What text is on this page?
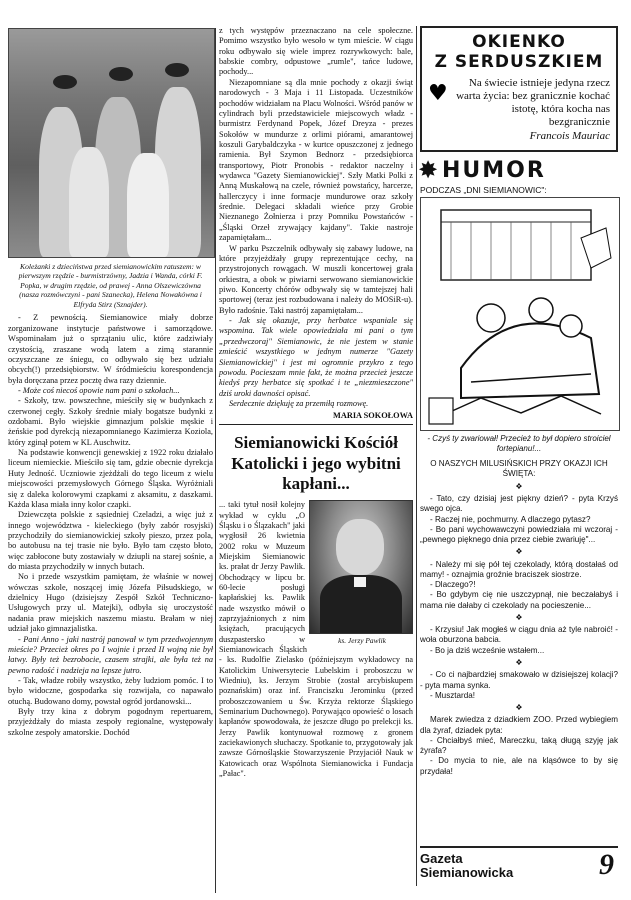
Koleżanki z dzieciństwa przed siemianowickim ratuszem: w pierwszym rzędzie - burmistrzówny, Jadzia i Wanda, córki F. Popka, w drugim rzędzie, od prawej - Anna Olszewiczówna (nasza rozmówczyni - pani Szanecka), Helena Nowakówna i Elfryda Stirz (Sznajder).

- Z pewnością. Siemianowice miały dobrze zorganizowane instytucje państwowe i samorządowe. Wspominałam już o sprzątaniu ulic, które zadziwiały czystością, zraszane wodą latem a zimą starannie oczyszczane ze śniegu, co odbywało się bez udziału obcych(!) przedsiębiorstw. W śródmieściu korespondencja była doręczana przez pocztę dwa razy dziennie.

- Może coś niecoś opowie nam pani o szkołach...

- Szkoły, tzw. powszechne, mieściły się w budynkach z czerwonej cegły. Szkoły średnie miały bogatsze budynki z ozdobami. Było wiejskie gimnazjum polskie męskie i żeńskie pod dyrekcją niezapomnianego Kazimierza Koziola, który zginął potem w KL Auschwitz.

Na podstawie konwencji genewskiej z 1922 roku działało liceum niemieckie. Mieściło się tam, gdzie obecnie dyrekcja Huty Jedność. Uczniowie zjeżdżali do tego liceum z wielu miejscowości przemysłowych Górnego Śląska. Wyróżniali się z daleka kolorowymi czapkami z aksamitu, z daszkami. Każda klasa miała inny kolor czapki.

Dziewczęta polskie z sąsiedniej Czeladzi, a więc już z innego województwa - kieleckiego (były zabór rosyjski) przychodziły do siemianowickiej szkoły pieszo, przez pola, bo autobusu na tej trasie nie było. Było tam często błoto, więc zabłocone buty zostawiały w dziupli na starej sośnie, a do miasta przychodziły w innych butach.

No i przede wszystkim pamiętam, że właśnie w nowej wówczas szkole, noszącej imię Józefa Piłsudskiego, w dzielnicy Hugo (dzisiejszy Zespół Szkół Techniczno-Usługowych przy ul. Matejki), odbyła się uroczystość nadania praw miejskich naszemu miastu. Brałam w niej udział jako gimnazjalistka.

- Pani Anno - jaki nastrój panował w tym przedwojennym mieście? Przecież okres po I wojnie i przed II wojną nie był łatwy. Były też bezrobocie, czasem strajki, ale była też na pewno radość i nadzieja na lepsze jutro.

- Tak, władze robiły wszystko, żeby ludziom pomóc. I to było widoczne, gospodarka się rozwijała, co napawało otuchą. Budowano domy, powstał ogród jordanowski...

Były trzy kina z dobrym pogodnym repertuarem, przyjeżdżały do miasta zespoły regionalne, występowały szkolne zespoły amatorskie. Dochód

z tych występów przeznaczano na cele społeczne. Pomimo wszystko było wesoło w tym mieście. W ciągu roku odbywało się wiele imprez rozrywkowych: bale, babskie combry, odpustowe „rumle", tańce ludowe, pochody...

Niezapomniane są dla mnie pochody z okazji świąt narodowych - 3 Maja i 11 Listopada. Uczestników pochodów widziałam na Placu Wolności. Wśród panów w cylindrach byli przedstawiciele miejscowych władz - burmistrz Ferdynand Popek, Józef Dreyza - prezes Sokołów w mundurze z orlimi piórami, amarantowej koszuli Garybaldczyka - w kurtce opuszczonej z jednego ramienia. Był Szymon Bednorz - przedsiębiorca transportowy, Piotr Pronobis - redaktor naczelny i wydawca "Gazety Siemianowickiej". Szły Matki Polki z Anną Muskałową na czele, również powstańcy, harcerze, hallerczycy i inne formacje mundurowe oraz szkoły średnie. Delegaci składali wieńce przy Grobie Nieznanego Żołnierza i przy Pomniku Powstańców - „Śląski Orzeł zrywający kajdany". Takie nastroje zapamiętałam...

W parku Pszczelnik odbywały się zabawy ludowe, na które przyjeżdżały grupy reprezentujące cechy, na przystrojonych rowągach. W muszli koncertowej grała orkiestra, a obok w piwiarni serwowano siemianowickie piwo. Koncerty chórów odbywały się w tamtejszej hali sportowej (teraz jest rozbudowana i należy do MOSiR-u). Było radośnie. Taki nastrój zapamiętałam...

- Jak się okazuje, przy herbatce wspaniale się wspomina. Tak wiele opowiedziała mi pani o tym „przedwczoraj" Siemianowic, że nie jestem w stanie zmieścić wszystkiego w jednym numerze "Gazety Siemianowickiej" i jest mi ogromnie przykro z tego powodu. Pocieszam mnie fakt, że można przecież jeszcze kiedyś przy herbatce się spotkać i te „niezmieszczone" dziś uroki dawności opisać.

Serdecznie dziękuję za przemiłą rozmowę.

MARIA SOKOŁOWA
Siemianowicki Kościół Katolicki i jego wybitni kapłani...
ks. Jerzy Pawlik
... taki tytuł nosił kolejny wykład w cyklu „O Śląsku i o Ślązakach" jaki wygłosił 26 kwietnia 2002 roku w Muzeum Miejskim Siemianowic ks. prałat dr Jerzy Pawlik. Obchodzący w lipcu br. 60-lecie posługi kapłańskiej ks. Pawlik nade wszystko mówił o zaprzyjaźnionych z nim księżach, pracujących duszpastersko w Siemianowicach Śląskich - ks. Rudolfie Zielasko (późniejszym wykładowcy na Katolickim Uniwersytecie Lubelskim i proboszczu w Wiedniu), ks. Jerzym Strobie (został arcybiskupem poznańskim) oraz inf. Franciszku Jerominku (przed proboszczowaniem u Św. Krzyża rektorze Śląskiego Seminarium Duchownego). Porywająco opowieść o losach kapłanów spowodowała, że jeszcze długo po prelekcji ks. Jerzy Pawlik kontynuował rozmowę z gronem zaciekawionych słuchaczy. Spotkanie to, przygotowały jak zawsze Górnośląskie Stowarzyszenie Przyjaciół Nauk w Katowicach oraz Wspólnota Siemianowicka i Fundacja „Pałac".
OKIENKO
Z SERDUSZKIEM
♥ Na świecie istnieje jedyna rzecz warta życia: bez granicznie kochać istotę, która kocha nas bezgranicznie
Francois Mauriac
✸ HUMOR
PODCZAS „DNI SIEMIANOWIC":
- Czyś ty zwariował! Przecież to był dopiero stroiciel fortepianu!...

O NASZYCH MILUSIŃSKICH PRZY OKAZJI ICH ŚWIĘTA:

❖

- Tato, czy dzisiaj jest piękny dzień? - pyta Krzyś swego ojca.

- Raczej nie, pochmurny. A dlaczego pytasz?

- Bo pani wychowawczyni powiedziała mi wczoraj - „pewnego pięknego dnia przez ciebie zwariuję"...

❖

- Należy mi się pół tej czekolady, którą dostałaś od mamy! - oznajmia groźnie braciszek siostrze.

- Dlaczego?!

- Bo gdybym cię nie uszczypnął, nie beczałabyś i mama nie dałaby ci czekolady na pocieszenie...

❖

- Krzysiu! Jak mogłeś w ciągu dnia aż tyle nabroić! - woła oburzona babcia.

- Bo ja dziś wcześnie wstałem...

❖

- Co ci najbardziej smakowało w dzisiejszej kolacji? - pyta mama synka.

- Musztarda!

❖

Marek zwiedza z dziadkiem ZOO. Przed wybiegiem dla żyraf, dziadek pyta:

- Chciałbyś mieć, Mareczku, taką długą szyję jak żyrafa?

- Do mycia to nie, ale na kląsówce to by się przydała!

Gazeta
Siemianowicka	9
